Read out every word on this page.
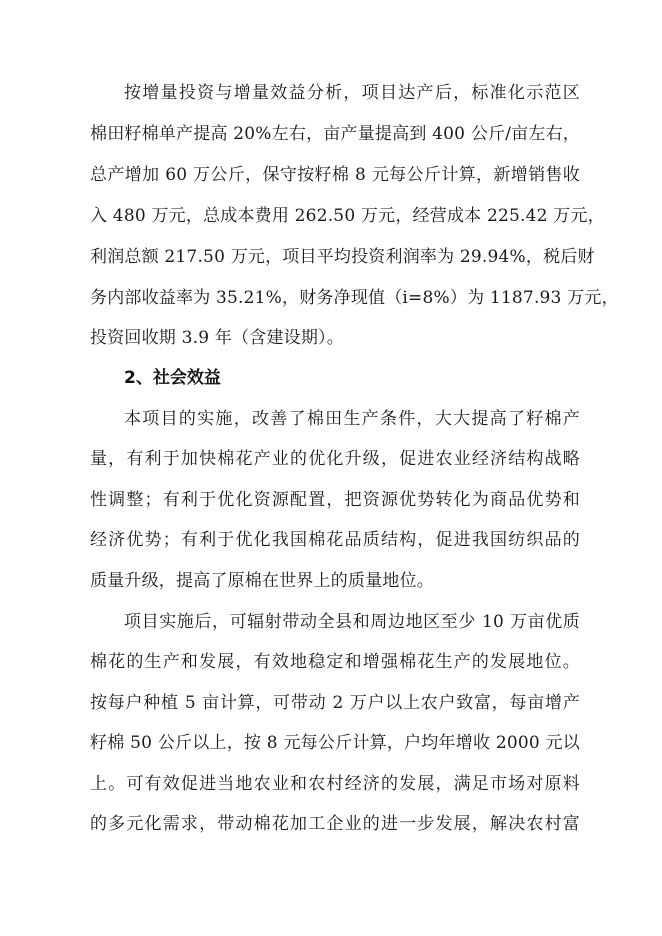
按增量投资与增量效益分析，项目达产后，标准化示范区
棉田籽棉单产提高 20%左右，亩产量提高到 400 公斤/亩左右，
总产增加 60 万公斤，保守按籽棉 8 元每公斤计算，新增销售收
入 480 万元，总成本费用 262.50 万元，经营成本 225.42 万元，
利润总额 217.50 万元，项目平均投资利润率为 29.94%，税后财
务内部收益率为 35.21%，财务净现值（i=8%）为 1187.93 万元，
投资回收期 3.9 年（含建设期）。
2、社会效益
本项目的实施，改善了棉田生产条件，大大提高了籽棉产
量，有利于加快棉花产业的优化升级，促进农业经济结构战略
性调整；有利于优化资源配置，把资源优势转化为商品优势和
经济优势；有利于优化我国棉花品质结构，促进我国纺织品的
质量升级，提高了原棉在世界上的质量地位。
项目实施后，可辐射带动全县和周边地区至少 10 万亩优质
棉花的生产和发展，有效地稳定和增强棉花生产的发展地位。
按每户种植 5 亩计算，可带动 2 万户以上农户致富，每亩增产
籽棉 50 公斤以上，按 8 元每公斤计算，户均年增收 2000 元以
上。可有效促进当地农业和农村经济的发展，满足市场对原料
的多元化需求，带动棉花加工企业的进一步发展，解决农村富
